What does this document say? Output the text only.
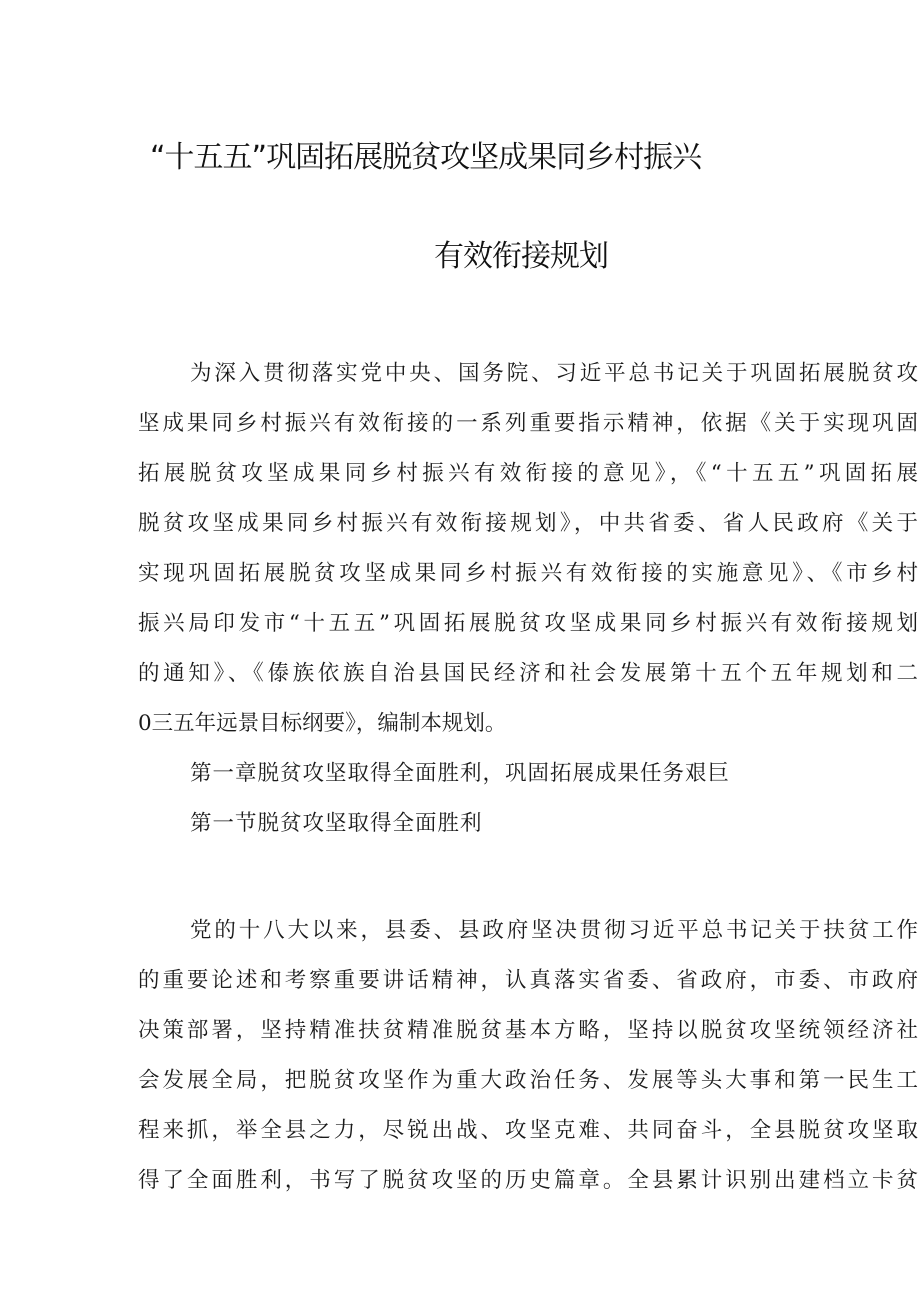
“十五五”巩固拓展脱贫攻坚成果同乡村振兴
有效衔接规划
为深入贯彻落实党中央、国务院、习近平总书记关于巩固拓展脱贫攻
坚成果同乡村振兴有效衔接的一系列重要指示精神，依据《关于实现巩固
拓展脱贫攻坚成果同乡村振兴有效衔接的意见》，《“十五五”巩固拓展
脱贫攻坚成果同乡村振兴有效衔接规划》，中共省委、省人民政府《关于
实现巩固拓展脱贫攻坚成果同乡村振兴有效衔接的实施意见》、《市乡村
振兴局印发市“十五五”巩固拓展脱贫攻坚成果同乡村振兴有效衔接规划
的通知》、《傣族依族自治县国民经济和社会发展第十五个五年规划和二
0三五年远景目标纲要》，编制本规划。
第一章脱贫攻坚取得全面胜利，巩固拓展成果任务艰巨
第一节脱贫攻坚取得全面胜利
党的十八大以来，县委、县政府坚决贯彻习近平总书记关于扶贫工作
的重要论述和考察重要讲话精神，认真落实省委、省政府，市委、市政府
决策部署，坚持精准扶贫精准脱贫基本方略，坚持以脱贫攻坚统领经济社
会发展全局，把脱贫攻坚作为重大政治任务、发展等头大事和第一民生工
程来抓，举全县之力，尽锐出战、攻坚克难、共同奋斗，全县脱贫攻坚取
得了全面胜利，书写了脱贫攻坚的历史篇章。全县累计识别出建档立卡贫
